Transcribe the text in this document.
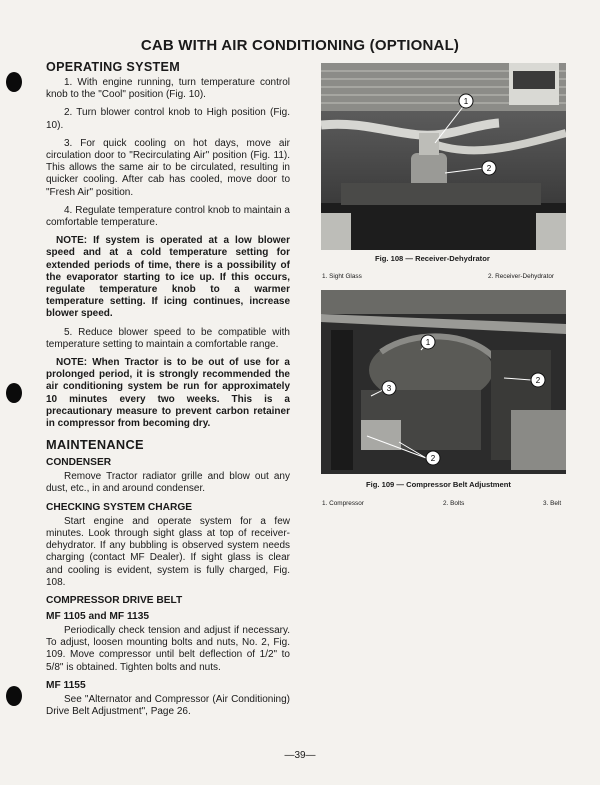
CAB WITH AIR CONDITIONING (OPTIONAL)
OPERATING SYSTEM

1. With engine running, turn temperature control knob to the "Cool" position (Fig. 10).

2. Turn blower control knob to High position (Fig. 10).

3. For quick cooling on hot days, move air circulation door to "Recirculating Air" position (Fig. 11). This allows the same air to be circulated, resulting in quicker cooling. After cab has cooled, move door to "Fresh Air" position.

4. Regulate temperature control knob to maintain a comfortable temperature.

NOTE: If system is operated at a low blower speed and at a cold temperature setting for extended periods of time, there is a possibility of the evaporator starting to ice up. If this occurs, regulate temperature knob to a warmer temperature setting. If icing continues, increase blower speed.

5. Reduce blower speed to be compatible with temperature setting to maintain a comfortable range.

NOTE: When Tractor is to be out of use for a prolonged period, it is strongly recommended the air conditioning system be run for approximately 10 minutes every two weeks. This is a precautionary measure to prevent carbon retainer in compressor from becoming dry.

MAINTENANCE
CONDENSER

Remove Tractor radiator grille and blow out any dust, etc., in and around condenser.

CHECKING SYSTEM CHARGE

Start engine and operate system for a few minutes. Look through sight glass at top of receiver-dehydrator. If any bubbling is observed system needs charging (contact MF Dealer). If sight glass is clear and cooling is evident, system is fully charged, Fig. 108.

COMPRESSOR DRIVE BELT
MF 1105 and MF 1135

Periodically check tension and adjust if necessary. To adjust, loosen mounting bolts and nuts, No. 2, Fig. 109. Move compressor until belt deflection of 1/2" to 5/8" is obtained. Tighten bolts and nuts.

MF 1155

See "Alternator and Compressor (Air Conditioning) Drive Belt Adjustment", Page 26.

1
2
Fig. 108 — Receiver-Dehydrator
1. Sight Glass	2. Receiver-Dehydrator
1
2
3
2
Fig. 109 — Compressor Belt Adjustment
1. Compressor	2. Bolts	3. Belt
—39—
